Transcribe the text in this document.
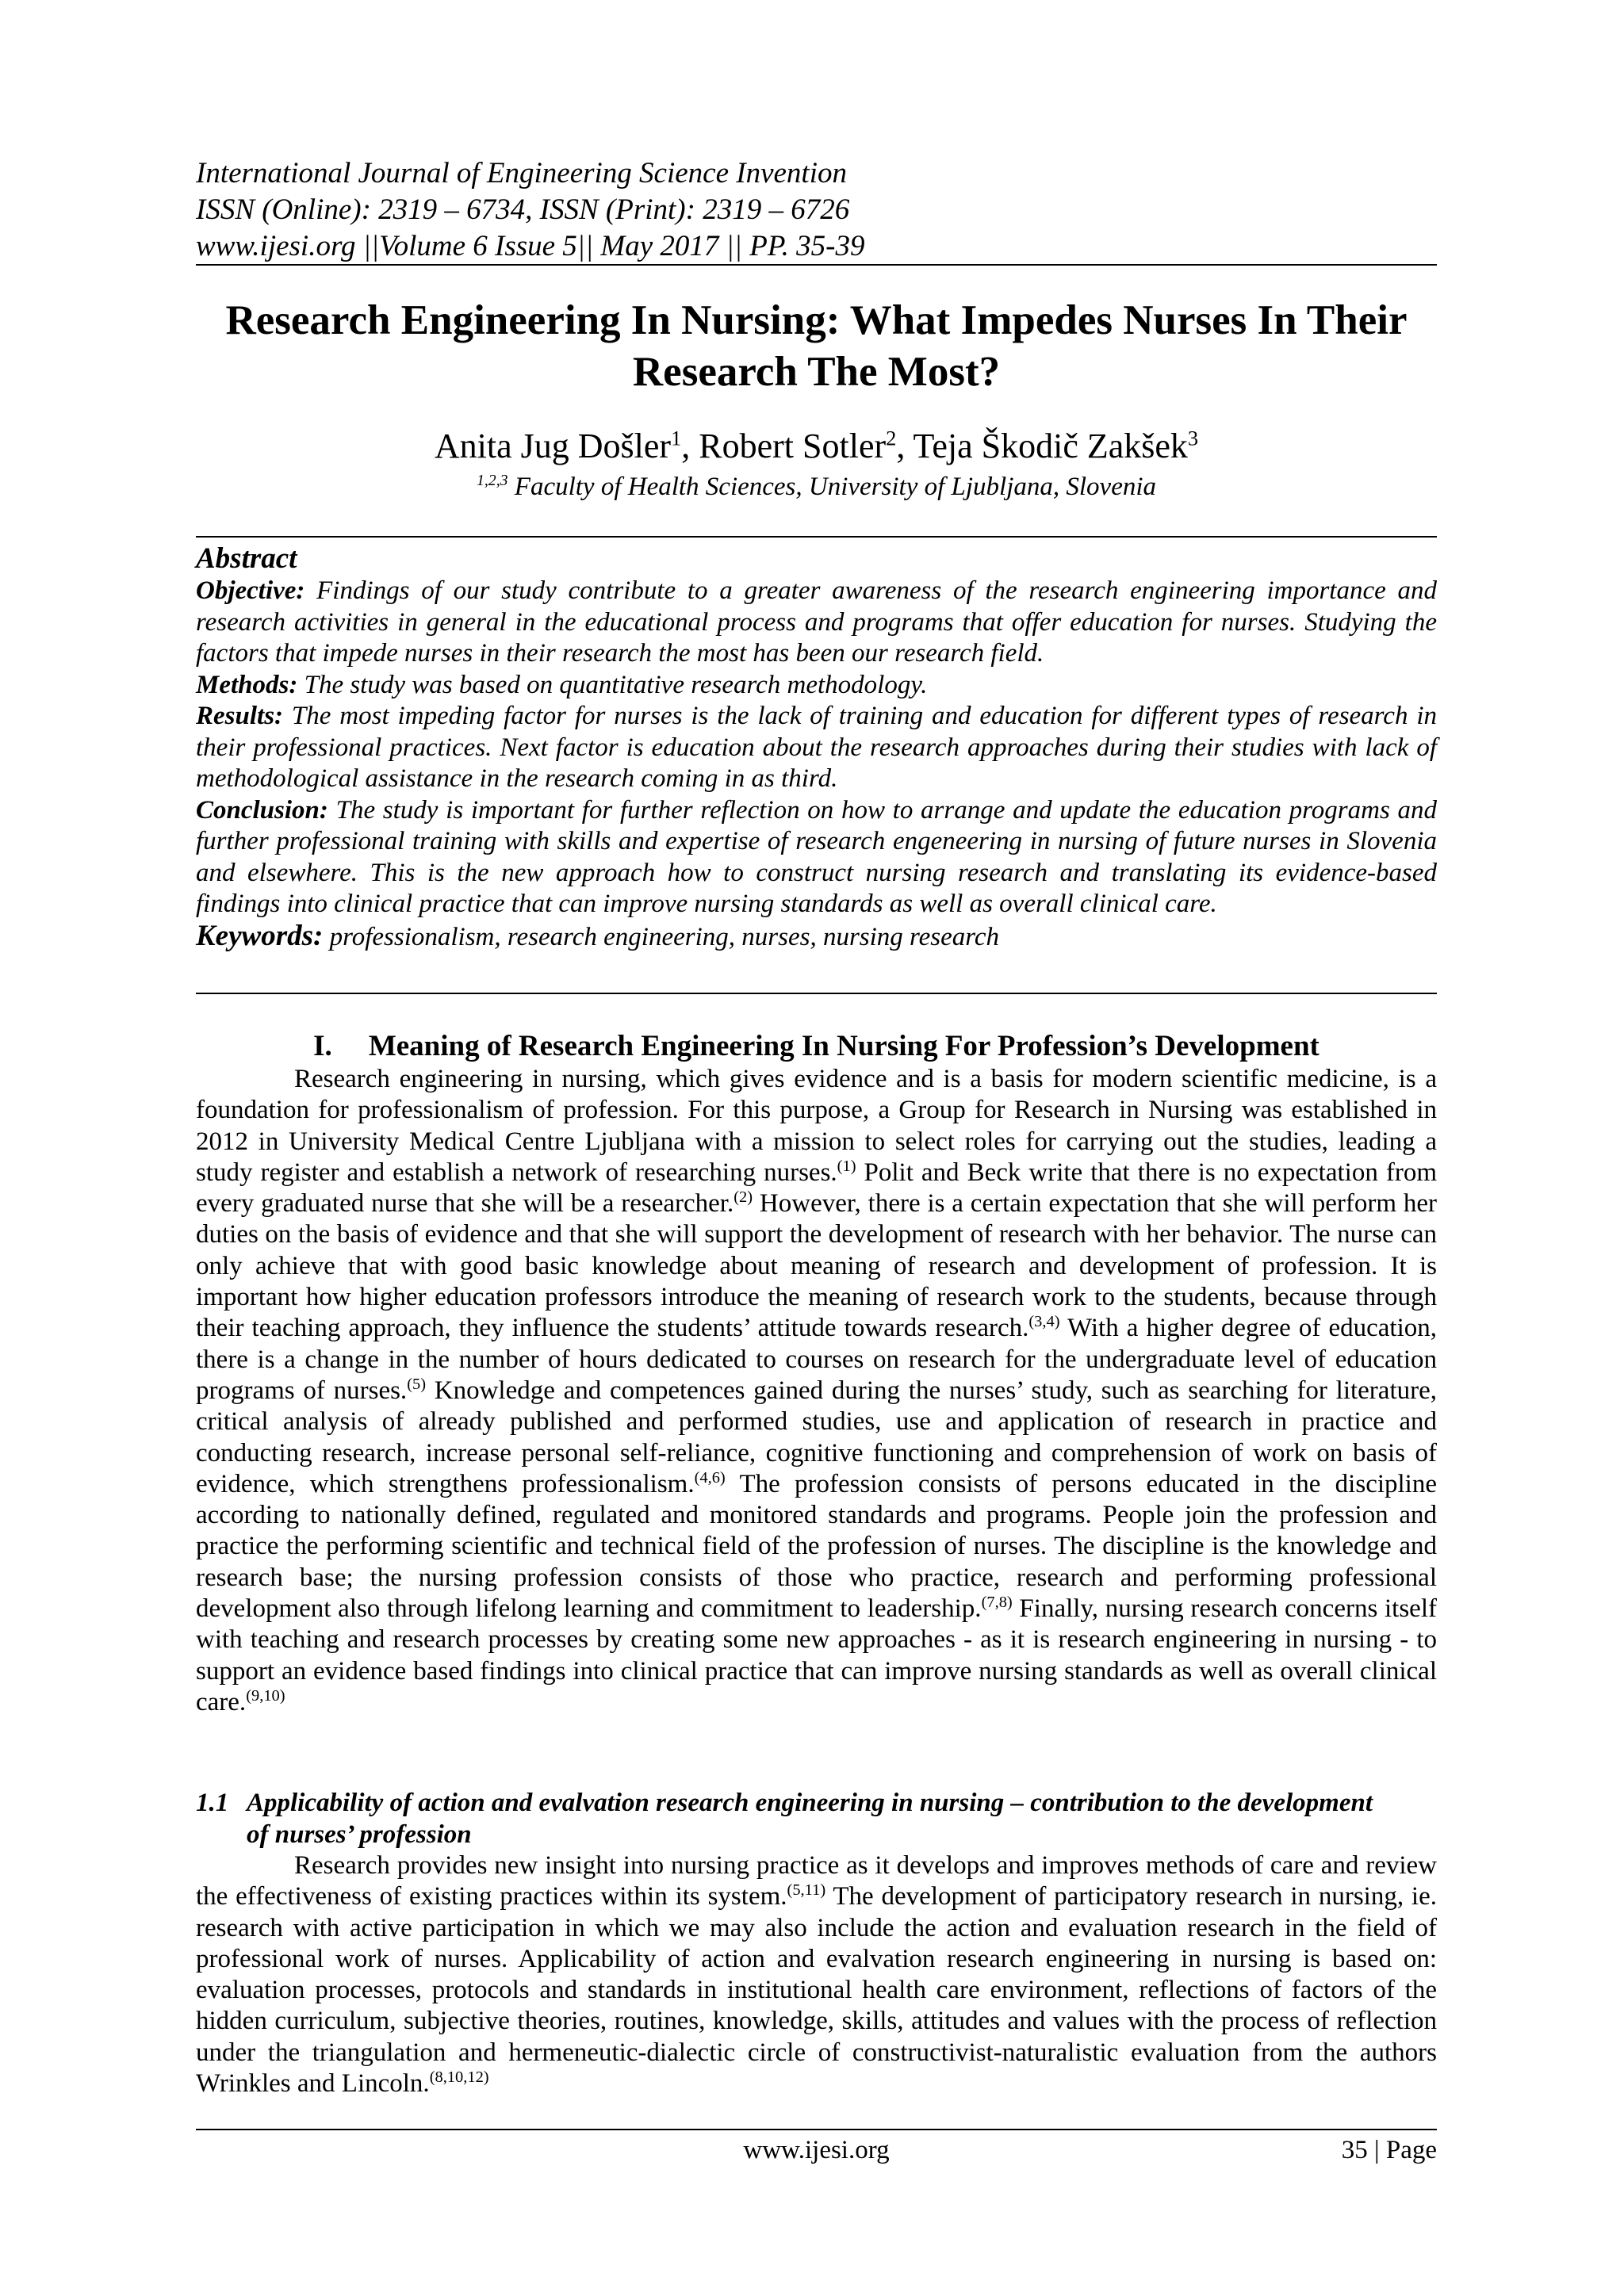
International Journal of Engineering Science Invention
ISSN (Online): 2319 – 6734, ISSN (Print): 2319 – 6726
www.ijesi.org ||Volume 6 Issue 5|| May 2017 || PP. 35-39
Research Engineering In Nursing: What Impedes Nurses In Their
Research The Most?
Anita Jug Došler$^1$, Robert Sotler$^2$, Teja Škodič Zakšek$^3$
$^{1,2,3}$ Faculty of Health Sciences, University of Ljubljana, Slovenia
Abstract

Objective: Findings of our study contribute to a greater awareness of the research engineering importance and research activities in general in the educational process and programs that offer education for nurses. Studying the factors that impede nurses in their research the most has been our research field.

Methods: The study was based on quantitative research methodology.

Results: The most impeding factor for nurses is the lack of training and education for different types of research in their professional practices. Next factor is education about the research approaches during their studies with lack of methodological assistance in the research coming in as third.

Conclusion: The study is important for further reflection on how to arrange and update the education programs and further professional training with skills and expertise of research engeneering in nursing of future nurses in Slovenia and elsewhere. This is the new approach how to construct nursing research and translating its evidence-based findings into clinical practice that can improve nursing standards as well as overall clinical care.

Keywords: professionalism, research engineering, nurses, nursing research

I. Meaning of Research Engineering In Nursing For Profession’s Development

Research engineering in nursing, which gives evidence and is a basis for modern scientific medicine, is a foundation for professionalism of profession. For this purpose, a Group for Research in Nursing was established in 2012 in University Medical Centre Ljubljana with a mission to select roles for carrying out the studies, leading a study register and establish a network of researching nurses.$^{(1)}$ Polit and Beck write that there is no expectation from every graduated nurse that she will be a researcher.$^{(2)}$ However, there is a certain expectation that she will perform her duties on the basis of evidence and that she will support the development of research with her behavior. The nurse can only achieve that with good basic knowledge about meaning of research and development of profession. It is important how higher education professors introduce the meaning of research work to the students, because through their teaching approach, they influence the students’ attitude towards research.$^{(3,4)}$ With a higher degree of education, there is a change in the number of hours dedicated to courses on research for the undergraduate level of education programs of nurses.$^{(5)}$ Knowledge and competences gained during the nurses’ study, such as searching for literature, critical analysis of already published and performed studies, use and application of research in practice and conducting research, increase personal self-reliance, cognitive functioning and comprehension of work on basis of evidence, which strengthens professionalism.$^{(4,6)}$ The profession consists of persons educated in the discipline according to nationally defined, regulated and monitored standards and programs. People join the profession and practice the performing scientific and technical field of the profession of nurses. The discipline is the knowledge and research base; the nursing profession consists of those who practice, research and performing professional development also through lifelong learning and commitment to leadership.$^{(7,8)}$ Finally, nursing research concerns itself with teaching and research processes by creating some new approaches - as it is research engineering in nursing - to support an evidence based findings into clinical practice that can improve nursing standards as well as overall clinical care.$^{(9,10)}$

1.1 Applicability of action and evalvation research engineering in nursing – contribution to the development
of nurses’ profession

Research provides new insight into nursing practice as it develops and improves methods of care and review the effectiveness of existing practices within its system.$^{(5,11)}$ The development of participatory research in nursing, ie. research with active participation in which we may also include the action and evaluation research in the field of professional work of nurses. Applicability of action and evalvation research engineering in nursing is based on: evaluation processes, protocols and standards in institutional health care environment, reflections of factors of the hidden curriculum, subjective theories, routines, knowledge, skills, attitudes and values with the process of reflection under the triangulation and hermeneutic-dialectic circle of constructivist-naturalistic evaluation from the authors Wrinkles and Lincoln.$^{(8,10,12)}$

www.ijesi.org	35 | Page
